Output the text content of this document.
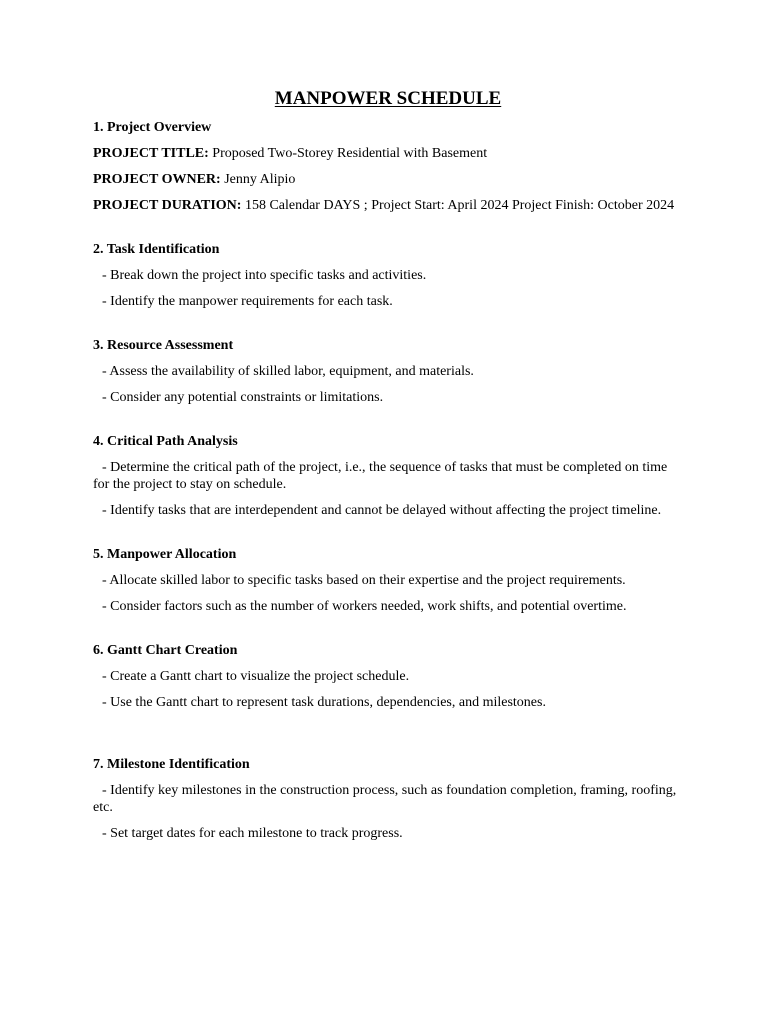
MANPOWER SCHEDULE

1. Project Overview

PROJECT TITLE: Proposed Two-Storey Residential with Basement

PROJECT OWNER: Jenny Alipio

PROJECT DURATION: 158 Calendar DAYS ; Project Start: April 2024 Project Finish: October 2024

2. Task Identification

- Break down the project into specific tasks and activities.

- Identify the manpower requirements for each task.

3. Resource Assessment

- Assess the availability of skilled labor, equipment, and materials.

- Consider any potential constraints or limitations.

4. Critical Path Analysis

- Determine the critical path of the project, i.e., the sequence of tasks that must be completed on time for the project to stay on schedule.

- Identify tasks that are interdependent and cannot be delayed without affecting the project timeline.

5. Manpower Allocation

- Allocate skilled labor to specific tasks based on their expertise and the project requirements.

- Consider factors such as the number of workers needed, work shifts, and potential overtime.

6. Gantt Chart Creation

- Create a Gantt chart to visualize the project schedule.

- Use the Gantt chart to represent task durations, dependencies, and milestones.

7. Milestone Identification

- Identify key milestones in the construction process, such as foundation completion, framing, roofing, etc.

- Set target dates for each milestone to track progress.
